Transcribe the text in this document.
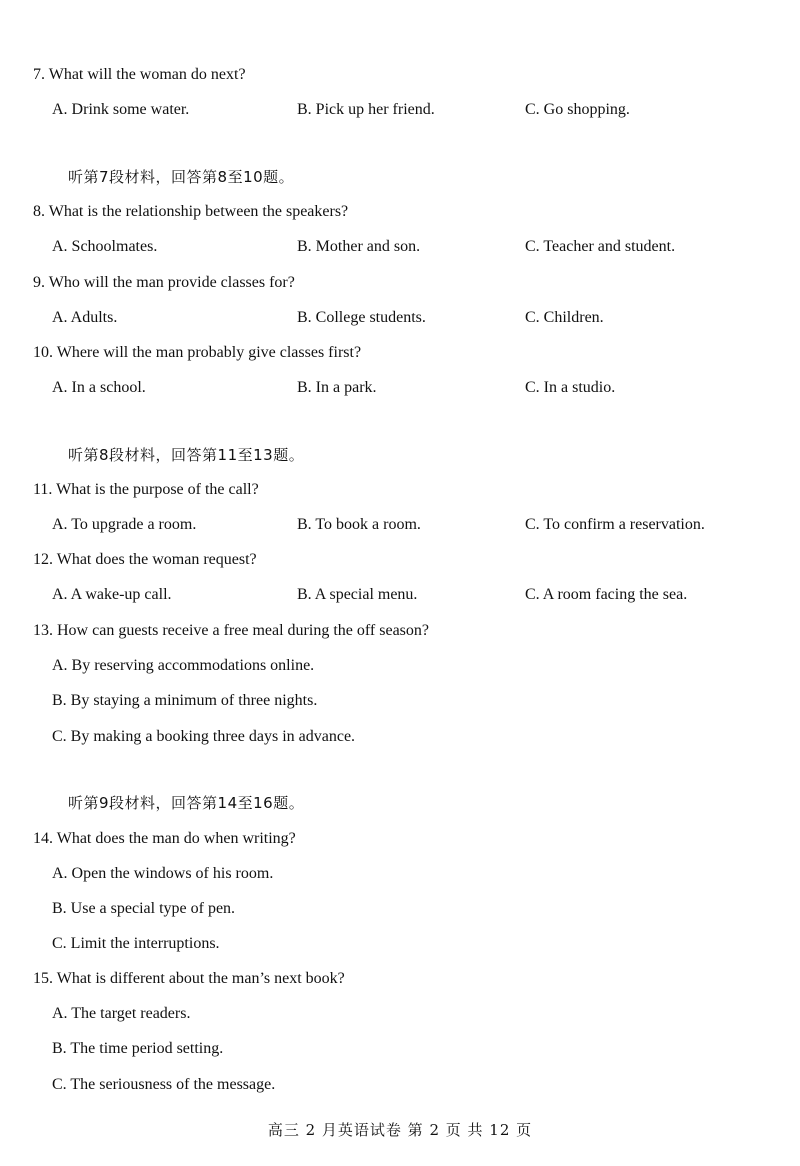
7. What will the woman do next?
A. Drink some water.	B. Pick up her friend.	C. Go shopping.
听第7段材料，回答第8至10题。
8. What is the relationship between the speakers?
A. Schoolmates.	B. Mother and son.	C. Teacher and student.
9. Who will the man provide classes for?
A. Adults.	B. College students.	C. Children.
10. Where will the man probably give classes first?
A. In a school.	B. In a park.	C. In a studio.
听第8段材料，回答第11至13题。
11. What is the purpose of the call?
A. To upgrade a room.	B. To book a room.	C. To confirm a reservation.
12. What does the woman request?
A. A wake-up call.	B. A special menu.	C. A room facing the sea.
13. How can guests receive a free meal during the off season?
A. By reserving accommodations online.
B. By staying a minimum of three nights.
C. By making a booking three days in advance.
听第9段材料，回答第14至16题。
14. What does the man do when writing?
A. Open the windows of his room.
B. Use a special type of pen.
C. Limit the interruptions.
15. What is different about the man’s next book?
A. The target readers.
B. The time period setting.
C. The seriousness of the message.
高三 2 月英语试卷 第 2 页 共 12 页
